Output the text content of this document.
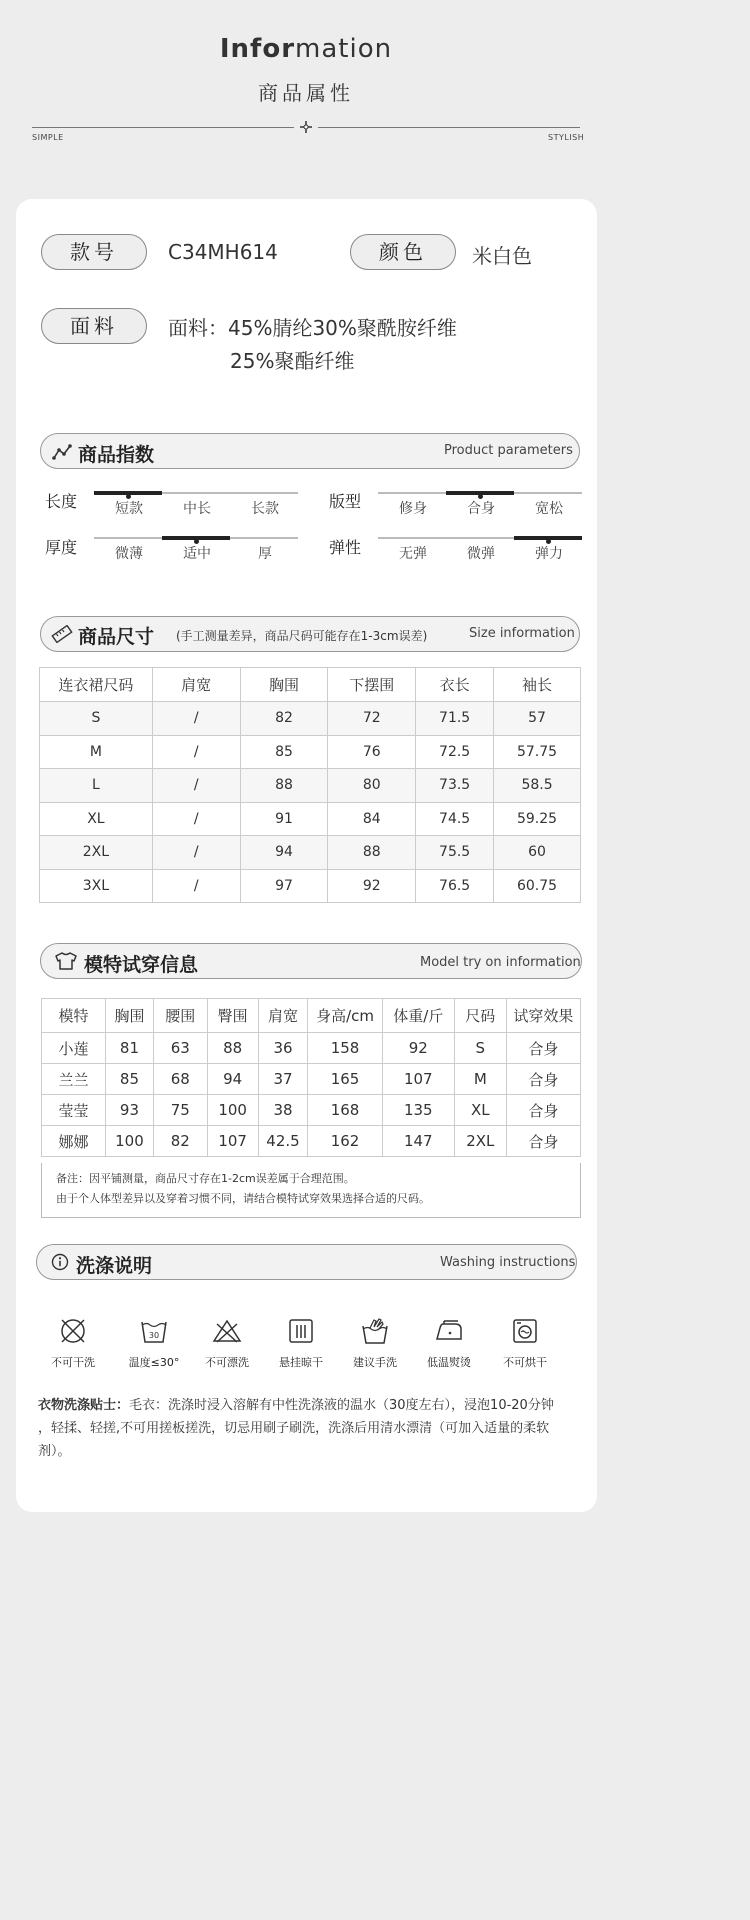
Information
商品属性
SIMPLE	STYLISH
款号	C34MH614	颜色	米白色
面料	面料：45%腈纶30%聚酰胺纤维
25%聚酯纤维
商品指数	Product parameters
长度	短款	中长	长款	版型	修身	合身	宽松
厚度	微薄	适中	厚	弹性	无弹	微弹	弹力
商品尺寸 (手工测量差异，商品尺码可能存在1-3cm误差)	Size information
连衣裙尺码	肩宽	胸围	下摆围	衣长	袖长
S	/	82	72	71.5	57
M	/	85	76	72.5	57.75
L	/	88	80	73.5	58.5
XL	/	91	84	74.5	59.25
2XL	/	94	88	75.5	60
3XL	/	97	92	76.5	60.75
模特试穿信息	Model try on information
模特	胸围	腰围	臀围	肩宽	身高/cm	体重/斤	尺码	试穿效果
小莲	81	63	88	36	158	92	S	合身
兰兰	85	68	94	37	165	107	M	合身
莹莹	93	75	100	38	168	135	XL	合身
娜娜	100	82	107	42.5	162	147	2XL	合身
备注：因平铺测量，商品尺寸存在1-2cm误差属于合理范围。
由于个人体型差异以及穿着习惯不同，请结合模特试穿效果选择合适的尺码。
洗涤说明	Washing instructions
不可干洗
30
温度≤30°	不可漂洗	悬挂晾干	建议手洗	低温熨烫	不可烘干
衣物洗涤贴士：毛衣：洗涤时浸入溶解有中性洗涤液的温水（30度左右），浸泡10-20分钟
，轻揉、轻搓,不可用搓板搓洗，切忌用刷子刷洗，洗涤后用清水漂清（可加入适量的柔软
剂）。
